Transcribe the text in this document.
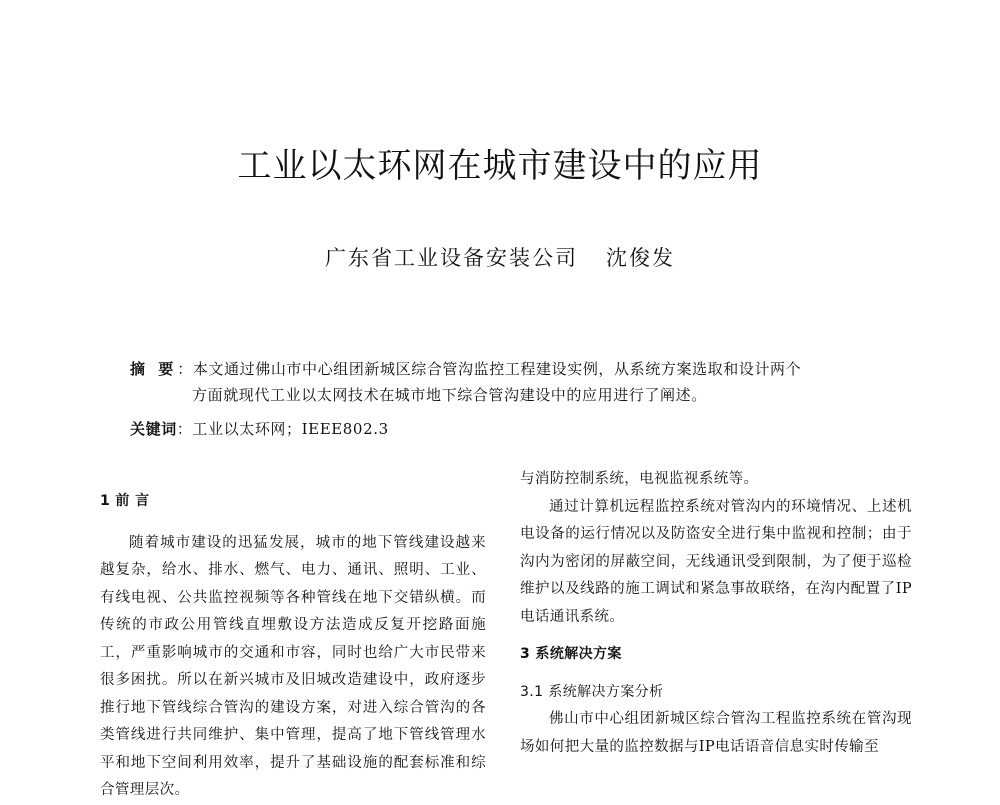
工业以太环网在城市建设中的应用
广东省工业设备安装公司 沈俊发
摘 要：本文通过佛山市中心组团新城区综合管沟监控工程建设实例，从系统方案选取和设计两个
方面就现代工业以太网技术在城市地下综合管沟建设中的应用进行了阐述。
关键词：工业以太环网；IEEE802.3
1 前 言

随着城市建设的迅猛发展，城市的地下管线建设越来越复杂，给水、排水、燃气、电力、通讯、照明、工业、有线电视、公共监控视频等各种管线在地下交错纵横。而传统的市政公用管线直埋敷设方法造成反复开挖路面施工，严重影响城市的交通和市容，同时也给广大市民带来很多困扰。所以在新兴城市及旧城改造建设中，政府逐步推行地下管线综合管沟的建设方案，对进入综合管沟的各类管线进行共同维护、集中管理，提高了地下管线管理水平和地下空间利用效率，提升了基础设施的配套标准和综合管理层次。

与消防控制系统，电视监视系统等。

通过计算机远程监控系统对管沟内的环境情况、上述机电设备的运行情况以及防盗安全进行集中监视和控制；由于沟内为密闭的屏蔽空间，无线通讯受到限制，为了便于巡检维护以及线路的施工调试和紧急事故联络，在沟内配置了IP电话通讯系统。

3 系统解决方案
3.1 系统解决方案分析

佛山市中心组团新城区综合管沟工程监控系统在管沟现场如何把大量的监控数据与IP电话语音信息实时传输至
